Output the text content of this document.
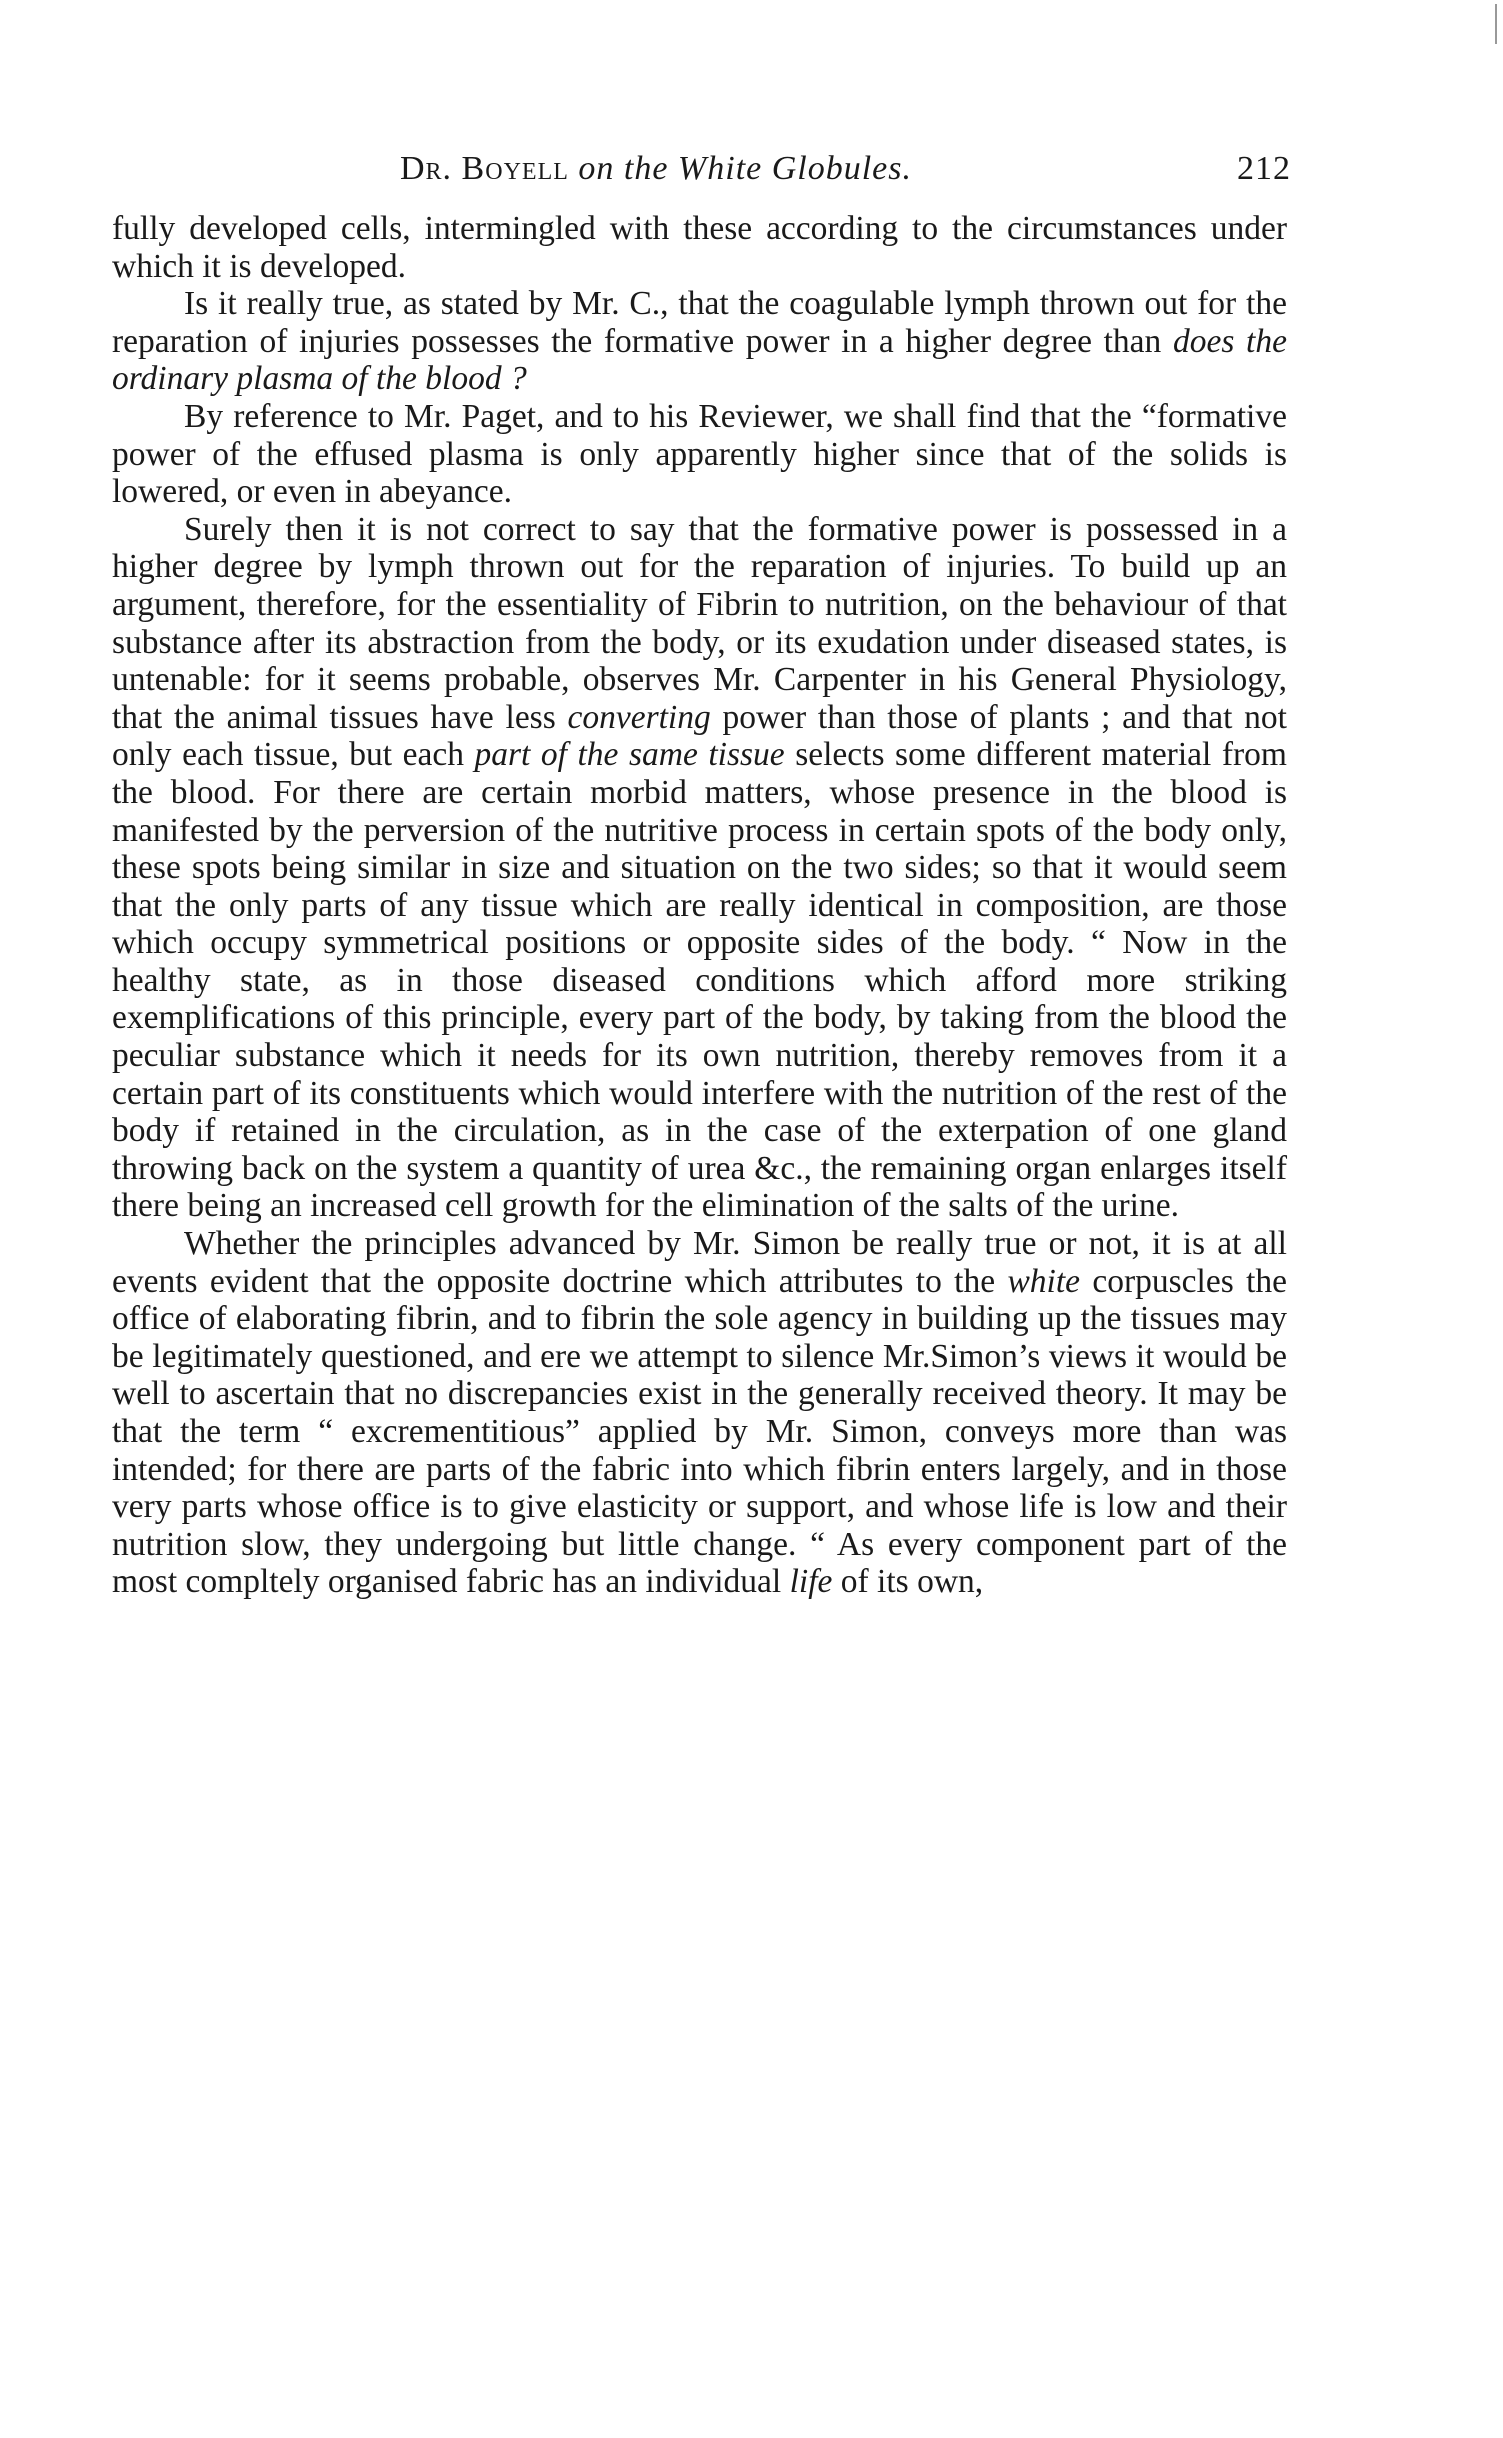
Dr. Boyell on the White Globules.	212

fully developed cells, intermingled with these according to the circumstances under which it is developed.

Is it really true, as stated by Mr. C., that the coagulable lymph thrown out for the reparation of injuries possesses the formative power in a higher degree than does the ordinary plasma of the blood ?

By reference to Mr. Paget, and to his Reviewer, we shall find that the “formative power of the effused plasma is only apparently higher since that of the solids is lowered, or even in abeyance.

Surely then it is not correct to say that the formative power is possessed in a higher degree by lymph thrown out for the reparation of injuries. To build up an argument, therefore, for the essentiality of Fibrin to nutrition, on the behaviour of that substance after its abstraction from the body, or its exudation under diseased states, is untenable: for it seems probable, observes Mr. Carpenter in his General Physiology, that the animal tissues have less converting power than those of plants ; and that not only each tissue, but each part of the same tissue selects some different material from the blood. For there are certain morbid matters, whose presence in the blood is manifested by the perversion of the nutritive process in certain spots of the body only, these spots being similar in size and situation on the two sides; so that it would seem that the only parts of any tissue which are really identical in composition, are those which occupy symmetrical positions or opposite sides of the body. “ Now in the healthy state, as in those diseased conditions which afford more striking exemplifications of this principle, every part of the body, by taking from the blood the peculiar substance which it needs for its own nutrition, thereby removes from it a certain part of its constituents which would interfere with the nutrition of the rest of the body if retained in the circulation, as in the case of the exterpation of one gland throwing back on the system a quantity of urea &c., the remaining organ enlarges itself there being an increased cell growth for the elimination of the salts of the urine.

Whether the principles advanced by Mr. Simon be really true or not, it is at all events evident that the opposite doctrine which attributes to the white corpuscles the office of elaborating fibrin, and to fibrin the sole agency in building up the tissues may be legitimately questioned, and ere we attempt to silence Mr.Simon’s views it would be well to ascertain that no discrepancies exist in the generally received theory. It may be that the term “ excrementitious” applied by Mr. Simon, conveys more than was intended; for there are parts of the fabric into which fibrin enters largely, and in those very parts whose office is to give elasticity or support, and whose life is low and their nutrition slow, they undergoing but little change. “ As every component part of the most compltely organised fabric has an individual life of its own,
